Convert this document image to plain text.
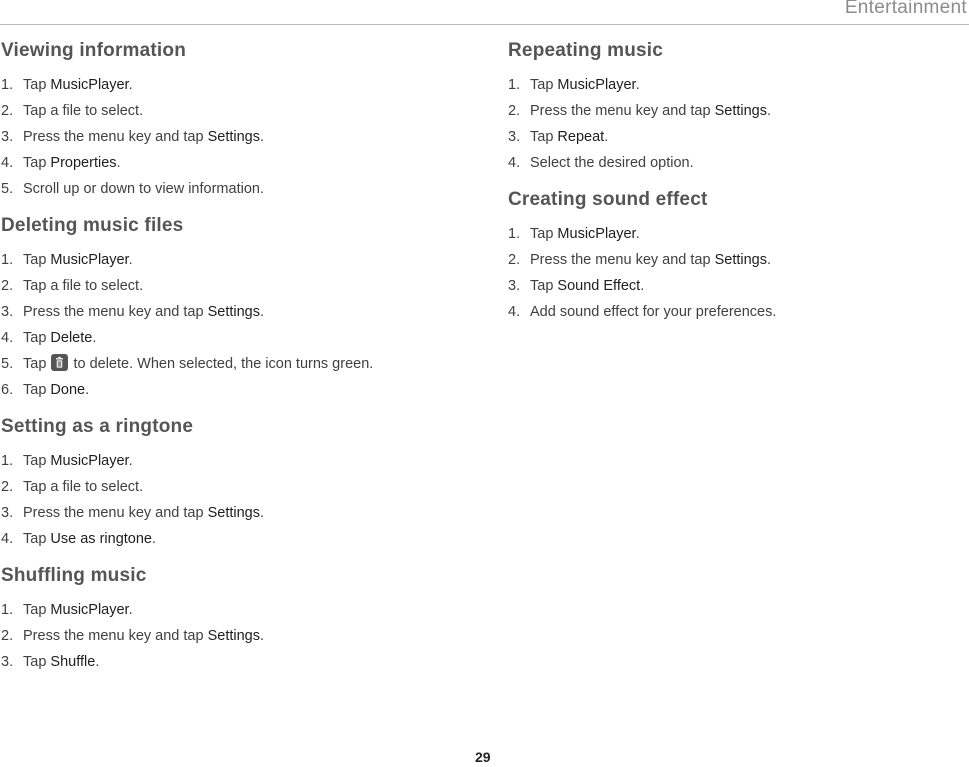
Entertainment
Viewing information
1. Tap MusicPlayer.
2. Tap a file to select.
3. Press the menu key and tap Settings.
4. Tap Properties.
5. Scroll up or down to view information.
Deleting music files
1. Tap MusicPlayer.
2. Tap a file to select.
3. Press the menu key and tap Settings.
4. Tap Delete.
5. Tap
to delete. When selected, the icon turns green.
6. Tap Done.
Setting as a ringtone
1. Tap MusicPlayer.
2. Tap a file to select.
3. Press the menu key and tap Settings.
4. Tap Use as ringtone.
Shuffling music
1. Tap MusicPlayer.
2. Press the menu key and tap Settings.
3. Tap Shuffle.
Repeating music
1. Tap MusicPlayer.
2. Press the menu key and tap Settings.
3. Tap Repeat.
4. Select the desired option.
Creating sound effect
1. Tap MusicPlayer.
2. Press the menu key and tap Settings.
3. Tap Sound Effect.
4. Add sound effect for your preferences.
29
